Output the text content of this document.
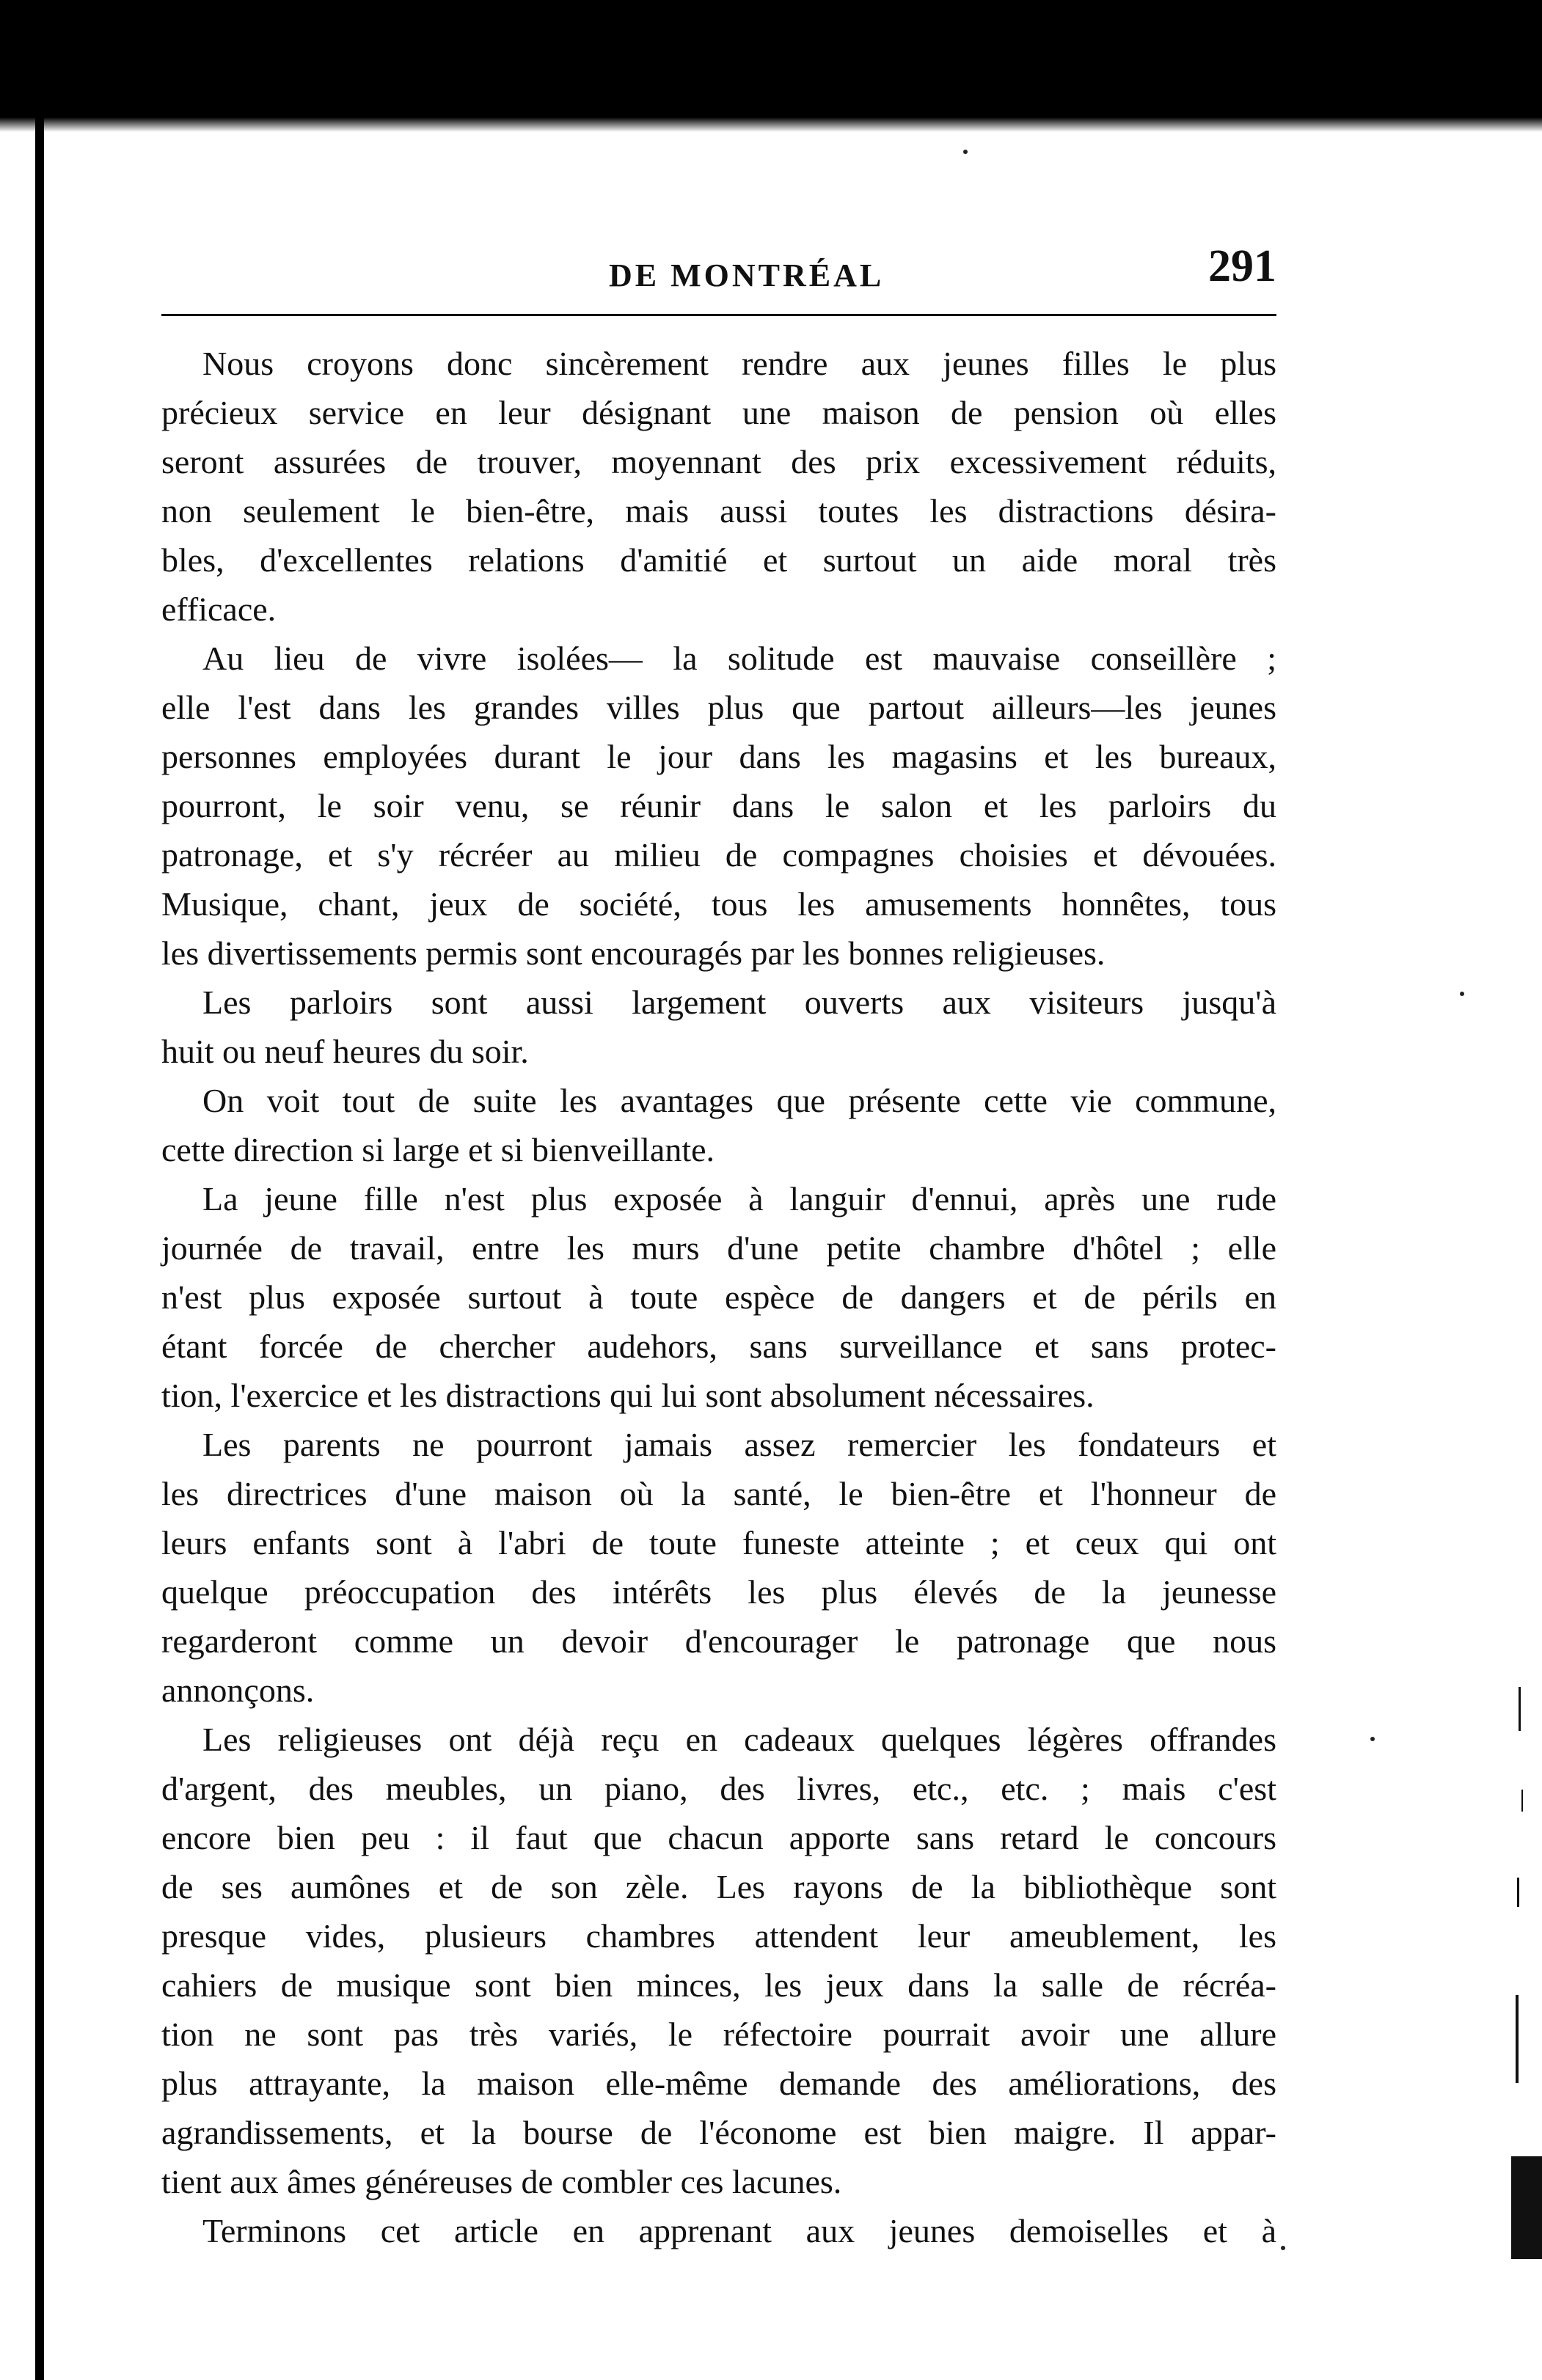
DE MONTRÉAL	291
Nous croyons donc sincèrement rendre aux jeunes filles le plus
précieux service en leur désignant une maison de pension où elles
seront assurées de trouver, moyennant des prix excessivement réduits,
non seulement le bien-être, mais aussi toutes les distractions désira-
bles, d'excellentes relations d'amitié et surtout un aide moral très
efficace.
Au lieu de vivre isolées— la solitude est mauvaise conseillère ;
elle l'est dans les grandes villes plus que partout ailleurs—les jeunes
personnes employées durant le jour dans les magasins et les bureaux,
pourront, le soir venu, se réunir dans le salon et les parloirs du
patronage, et s'y récréer au milieu de compagnes choisies et dévouées.
Musique, chant, jeux de société, tous les amusements honnêtes, tous
les divertissements permis sont encouragés par les bonnes religieuses.
Les parloirs sont aussi largement ouverts aux visiteurs jusqu'à
huit ou neuf heures du soir.
On voit tout de suite les avantages que présente cette vie commune,
cette direction si large et si bienveillante.
La jeune fille n'est plus exposée à languir d'ennui, après une rude
journée de travail, entre les murs d'une petite chambre d'hôtel ; elle
n'est plus exposée surtout à toute espèce de dangers et de périls en
étant forcée de chercher audehors, sans surveillance et sans protec-
tion, l'exercice et les distractions qui lui sont absolument nécessaires.
Les parents ne pourront jamais assez remercier les fondateurs et
les directrices d'une maison où la santé, le bien-être et l'honneur de
leurs enfants sont à l'abri de toute funeste atteinte ; et ceux qui ont
quelque préoccupation des intérêts les plus élevés de la jeunesse
regarderont comme un devoir d'encourager le patronage que nous
annonçons.
Les religieuses ont déjà reçu en cadeaux quelques légères offrandes
d'argent, des meubles, un piano, des livres, etc., etc. ; mais c'est
encore bien peu : il faut que chacun apporte sans retard le concours
de ses aumônes et de son zèle. Les rayons de la bibliothèque sont
presque vides, plusieurs chambres attendent leur ameublement, les
cahiers de musique sont bien minces, les jeux dans la salle de récréa-
tion ne sont pas très variés, le réfectoire pourrait avoir une allure
plus attrayante, la maison elle-même demande des améliorations, des
agrandissements, et la bourse de l'économe est bien maigre. Il appar-
tient aux âmes généreuses de combler ces lacunes.
Terminons cet article en apprenant aux jeunes demoiselles et à
